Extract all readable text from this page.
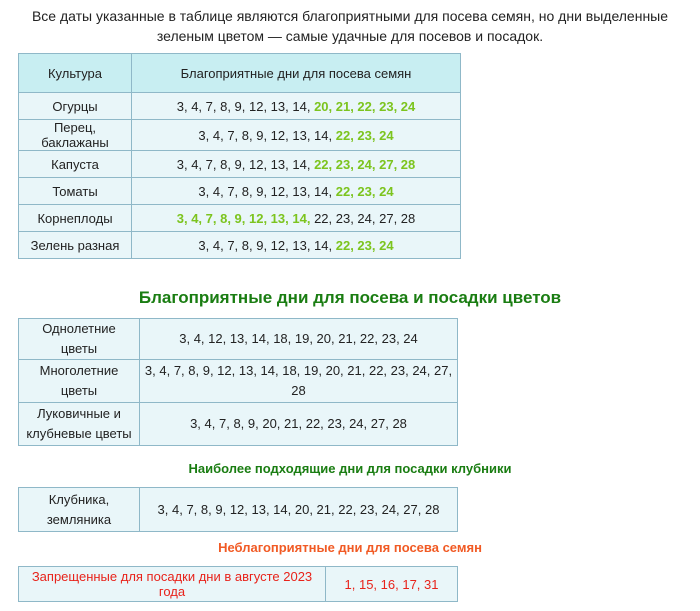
Все даты указанные в таблице являются благоприятными для посева семян, но дни выделенные
зеленым цветом — самые удачные для посевов и посадок.
Культура	Благоприятные дни для посева семян
Огурцы	3, 4, 7, 8, 9, 12, 13, 14, 20, 21, 22, 23, 24
Перец, баклажаны	3, 4, 7, 8, 9, 12, 13, 14, 22, 23, 24
Капуста	3, 4, 7, 8, 9, 12, 13, 14, 22, 23, 24, 27, 28
Томаты	3, 4, 7, 8, 9, 12, 13, 14, 22, 23, 24
Корнеплоды	3, 4, 7, 8, 9, 12, 13, 14, 22, 23, 24, 27, 28
Зелень разная	3, 4, 7, 8, 9, 12, 13, 14, 22, 23, 24
Благоприятные дни для посева и посадки цветов
Однолетние цветы	3, 4, 12, 13, 14, 18, 19, 20, 21, 22, 23, 24
Многолетние
цветы	3, 4, 7, 8, 9, 12, 13, 14, 18, 19, 20, 21, 22, 23, 24, 27, 28
Луковичные и
клубневые цветы	3, 4, 7, 8, 9, 20, 21, 22, 23, 24, 27, 28
Наиболее подходящие дни для посадки клубники
Клубника,
земляника	3, 4, 7, 8, 9, 12, 13, 14, 20, 21, 22, 23, 24, 27, 28
Неблагоприятные дни для посева семян
Запрещенные для посадки дни в августе 2023 года	1, 15, 16, 17, 31
